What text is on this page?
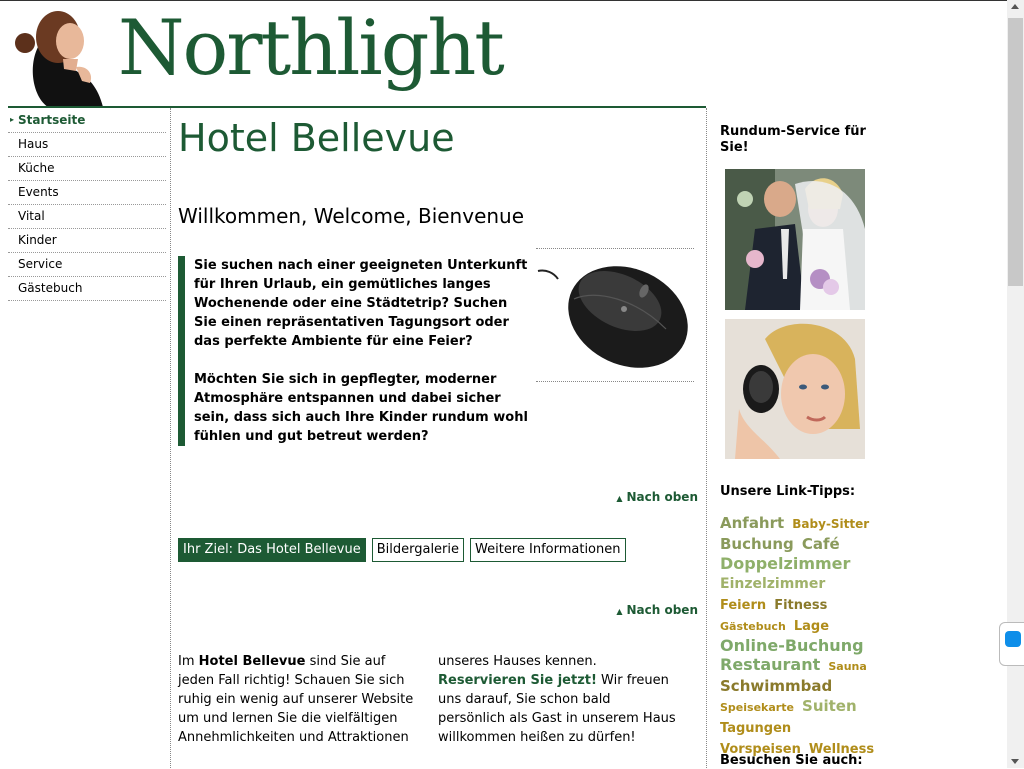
Northlight
▸ Startseite
Haus
Küche
Events
Vital
Kinder
Service
Gästebuch
Hotel Bellevue
Willkommen, Welcome, Bienvenue

Sie suchen nach einer geeigneten Unterkunft für Ihren Urlaub, ein gemütliches langes Wochenende oder eine Städtetrip? Suchen Sie einen repräsentativen Tagungsort oder das perfekte Ambiente für eine Feier?

Möchten Sie sich in gepflegter, moderner Atmosphäre entspannen und dabei sicher sein, dass sich auch Ihre Kinder rundum wohl fühlen und gut betreut werden?

▲ Nach oben
Ihr Ziel: Das Hotel Bellevue	Bildergalerie	Weitere Informationen
▲ Nach oben
Im Hotel Bellevue sind Sie auf jeden Fall richtig! Schauen Sie sich ruhig ein wenig auf unserer Website um und lernen Sie die vielfältigen Annehmlichkeiten und Attraktionen
unseres Hauses kennen. Reservieren Sie jetzt! Wir freuen uns darauf, Sie schon bald persönlich als Gast in unserem Haus willkommen heißen zu dürfen!
Rundum-Service für Sie!
Unsere Link-Tipps:
Anfahrt Baby-Sitter Buchung Café Doppelzimmer Einzelzimmer Feiern Fitness Gästebuch Lage Online-Buchung Restaurant Sauna Schwimmbad Speisekarte Suiten Tagungen Vorspeisen Wellness
Besuchen Sie auch:
